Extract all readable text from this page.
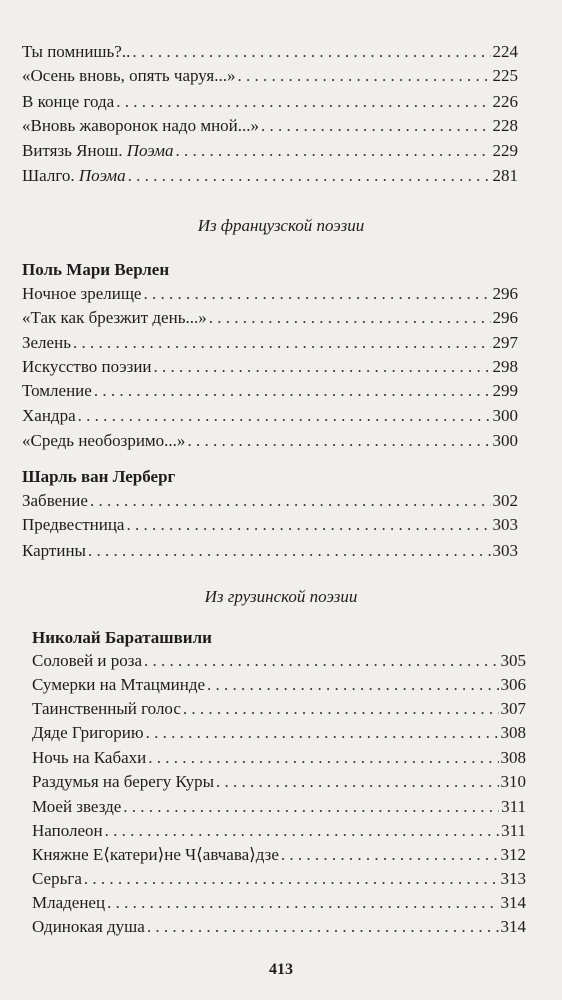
Ты помнишь?.. . . .	224
«Осень вновь, опять чаруя...» . . .	225
В конце года . . .	226
«Вновь жаворонок надо мной...» . . .	228
Витязь Янош. Поэма . . .	229
Шалго. Поэма . . .	281
Из французской поэзии
Поль Мари Верлен
Ночное зрелище . . .	296
«Так как брезжит день...» . . .	296
Зелень . . .	297
Искусство поэзии . . .	298
Томление . . .	299
Хандра . . .	300
«Средь необозримо...» . . .	300
Шарль ван Лерберг
Забвение . . .	302
Предвестница . . .	303
Картины . . .	303
Из грузинской поэзии
Николай Бараташвили
Соловей и роза . . .	305
Сумерки на Мтацминде . . .	306
Таинственный голос . . .	307
Дяде Григорию . . .	308
Ночь на Кабахи . . .	308
Раздумья на берегу Куры . . .	310
Моей звезде . . .	311
Наполеон . . .	311
Княжне Е⟨катери⟩не Ч⟨авчава⟩дзе . . .	312
Серьга . . .	313
Младенец . . .	314
Одинокая душа . . .	314
413
